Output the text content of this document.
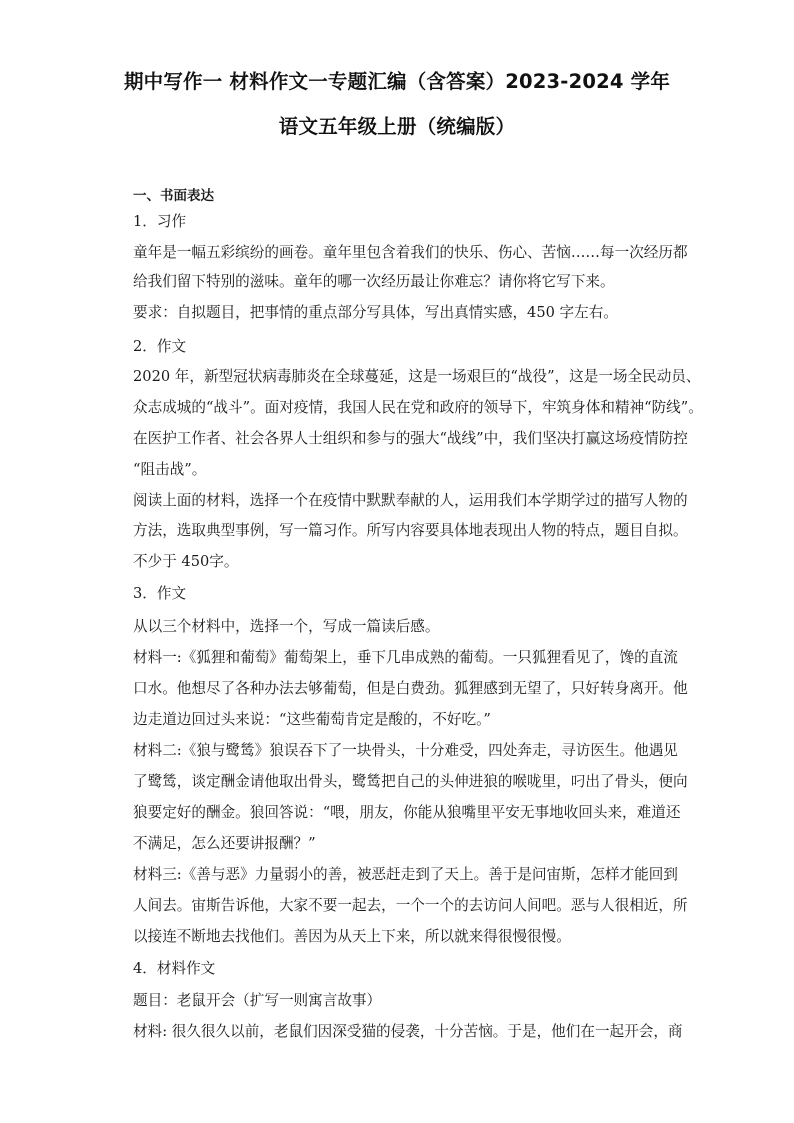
期中写作一 材料作文一专题汇编（含答案）2023-2024 学年
语文五年级上册（统编版）
一、书面表达
1．习作
童年是一幅五彩缤纷的画卷。童年里包含着我们的快乐、伤心、苦恼……每一次经历都
给我们留下特别的滋味。童年的哪一次经历最让你难忘？请你将它写下来。
要求：自拟题目，把事情的重点部分写具体，写出真情实感，450 字左右。
2．作文
2020 年，新型冠状病毒肺炎在全球蔓延，这是一场艰巨的“战役”，这是一场全民动员、
众志成城的“战斗”。面对疫情，我国人民在党和政府的领导下，牢筑身体和精神“防线”。
在医护工作者、社会各界人士组织和参与的强大“战线”中，我们坚决打赢这场疫情防控
“阻击战”。
阅读上面的材料，选择一个在疫情中默默奉献的人，运用我们本学期学过的描写人物的
方法，选取典型事例，写一篇习作。所写内容要具体地表现出人物的特点，题目自拟。
不少于 450字。
3．作文
从以三个材料中，选择一个，写成一篇读后感。
材料一:《狐狸和葡萄》葡萄架上，垂下几串成熟的葡萄。一只狐狸看见了，馋的直流
口水。他想尽了各种办法去够葡萄，但是白费劲。狐狸感到无望了，只好转身离开。他
边走道边回过头来说：“这些葡萄肯定是酸的，不好吃。”
材料二:《狼与鹭鸶》狼误吞下了一块骨头，十分难受，四处奔走，寻访医生。他遇见
了鹭鸶，谈定酬金请他取出骨头，鹭鸶把自己的头伸进狼的喉咙里，叼出了骨头，便向
狼要定好的酬金。狼回答说：“喂，朋友，你能从狼嘴里平安无事地收回头来，难道还
不满足，怎么还要讲报酬？”
材料三:《善与恶》力量弱小的善，被恶赶走到了天上。善于是问宙斯，怎样才能回到
人间去。宙斯告诉他，大家不要一起去，一个一个的去访问人间吧。恶与人很相近，所
以接连不断地去找他们。善因为从天上下来，所以就来得很慢很慢。
4．材料作文
题目：老鼠开会（扩写一则寓言故事）
材料: 很久很久以前，老鼠们因深受猫的侵袭，十分苦恼。于是，他们在一起开会，商
